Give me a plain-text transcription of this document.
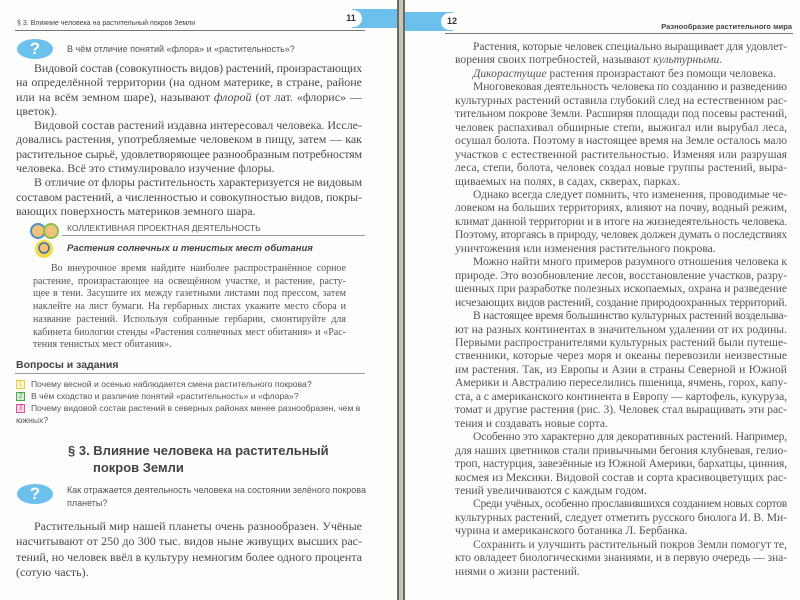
§ 3. Влияние человека на растительный покров Земли
11
?	В чём отличие понятий «флора» и «растительность»?
Видовой состав (совокупность видов) растений, произрастающих
на определённой территории (на одном материке, в стране, районе
или на всём земном шаре), называют флорой (от лат. «флорис» —
цветок).
Видовой состав растений издавна интересовал человека. Иссле-
довались растения, употребляемые человеком в пищу, затем — как
растительное сырьё, удовлетворяющее разнообразным потребностям
человека. Всё это стимулировало изучение флоры.
В отличие от флоры растительность характеризуется не видовым
составом растений, а численностью и совокупностью видов, покры-
вающих поверхность материков земного шара.
КОЛЛЕКТИВНАЯ ПРОЕКТНАЯ ДЕЯТЕЛЬНОСТЬ
Растения солнечных и тенистых мест обитания
Во внеурочное время найдите наиболее распространённое сорное
растение, произрастающее на освещённом участке, и растение, расту-
щее в тени. Засушите их между газетными листами под прессом, затем
наклейте на лист бумаги. На гербарных листах укажите место сбора и
название растений. Используя собранные гербарии, смонтируйте для
кабинета биологии стенды «Растения солнечных мест обитания» и «Рас-
тения тенистых мест обитания».
Вопросы и задания
1 Почему весной и осенью наблюдается смена растительного покрова?
2 В чём сходство и различие понятий «растительность» и «флора»?
3 Почему видовой состав растений в северных районах менее разнообразен, чем в южных?
§ 3. Влияние человека на растительный
покров Земли
?	Как отражается деятельность человека на состоянии зелёного покрова планеты?
Растительный мир нашей планеты очень разнообразен. Учёные
насчитывают от 250 до 300 тыс. видов ныне живущих высших рас-
тений, но человек ввёл в культуру немногим более одного процента
(сотую часть).
12
Разнообразие растительного мира
Растения, которые человек специально выращивает для удовлет-
ворения своих потребностей, называют культурными.
Дикорастущие растения произрастают без помощи человека.
Многовековая деятельность человека по созданию и разведению
культурных растений оставила глубокий след на естественном рас-
тительном покрове Земли. Расширяя площади под посевы растений,
человек распахивал обширные степи, выжигал или вырубал леса,
осушал болота. Поэтому в настоящее время на Земле осталось мало
участков с естественной растительностью. Изменяя или разрушая
леса, степи, болота, человек создал новые группы растений, выра-
щиваемых на полях, в садах, скверах, парках.
Однако всегда следует помнить, что изменения, проводимые че-
ловеком на больших территориях, влияют на почву, водный режим,
климат данной территории и в итоге на жизнедеятельность человека.
Поэтому, вторгаясь в природу, человек должен думать о последствиях
уничтожения или изменения растительного покрова.
Можно найти много примеров разумного отношения человека к
природе. Это возобновление лесов, восстановление участков, разру-
шенных при разработке полезных ископаемых, охрана и разведение
исчезающих видов растений, создание природоохранных территорий.
В настоящее время большинство культурных растений возделыва-
ют на разных континентах в значительном удалении от их родины.
Первыми распространителями культурных растений были путеше-
ственники, которые через моря и океаны перевозили неизвестные
им растения. Так, из Европы и Азии в страны Северной и Южной
Америки и Австралию переселились пшеница, ячмень, горох, капу-
ста, а с американского континента в Европу — картофель, кукуруза,
томат и другие растения (рис. 3). Человек стал выращивать эти рас-
тения и создавать новые сорта.
Особенно это характерно для декоративных растений. Например,
для наших цветников стали привычными бегония клубневая, гелио-
троп, настурция, завезённые из Южной Америки, бархатцы, цинния,
космея из Мексики. Видовой состав и сорта красивоцветущих рас-
тений увеличиваются с каждым годом.
Среди учёных, особенно прославившихся созданием новых сортов
культурных растений, следует отметить русского биолога И. В. Ми-
чурина и американского ботаника Л. Бербанка.
Сохранить и улучшить растительный покров Земли помогут те,
кто овладеет биологическими знаниями, и в первую очередь — зна-
ниями о жизни растений.
